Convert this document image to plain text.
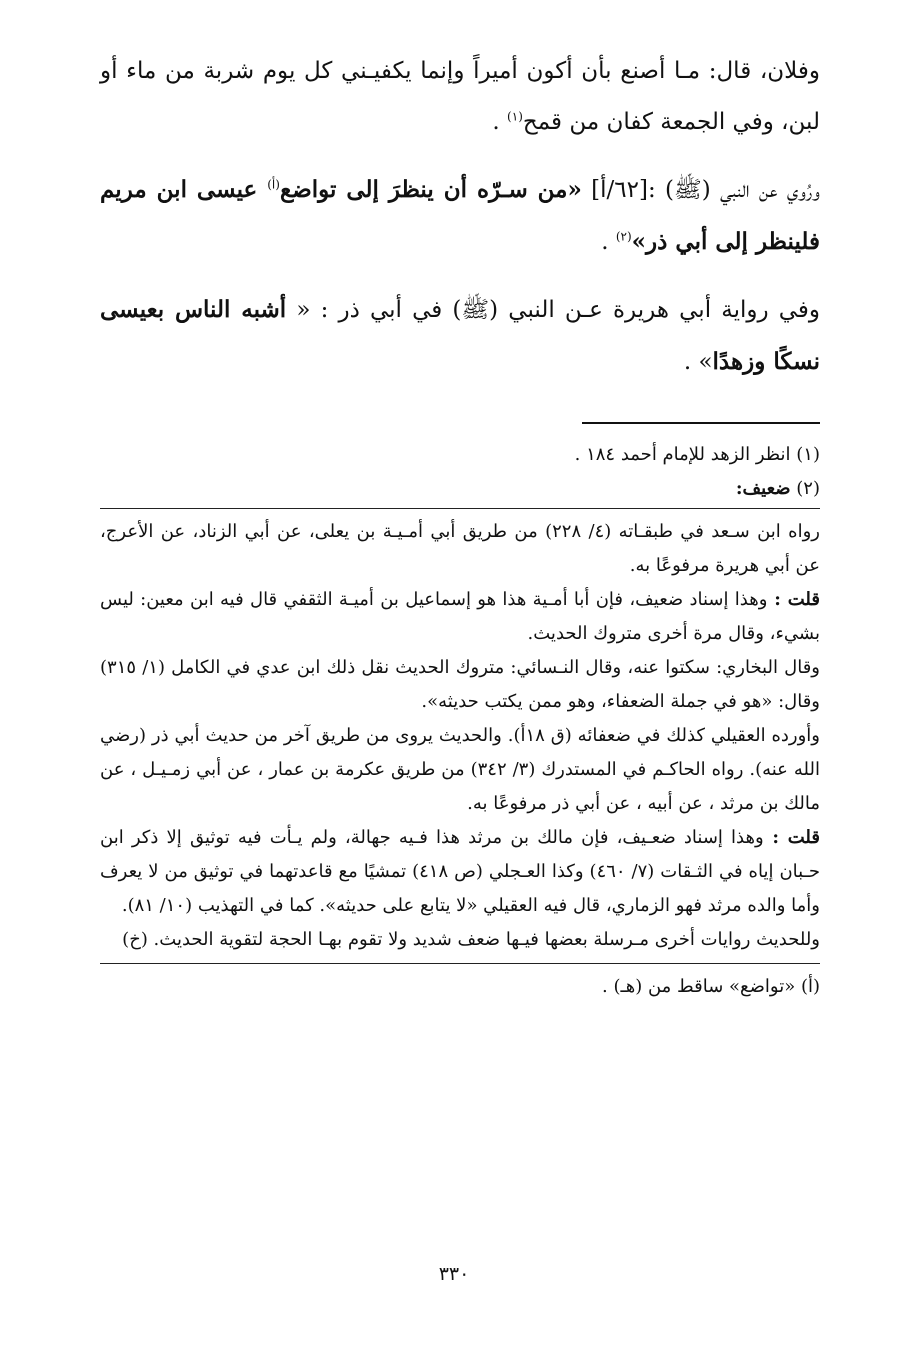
وفلان، قال: مـا أصنع بأن أكون أميراً وإنما يكفيـني كل يوم شربة من ماء أو لبن، وفي الجمعة كفان من قمح$^{(١)}$ .

ورُوي عن النبي (ﷺ) :[٦٢/أ] «من سـرّه أن ينظرَ إلى تواضع$^{(أ)}$ عيسى ابن مريم فلينظر إلى أبي ذر»$^{(٢)}$ .

وفي رواية أبي هريرة عـن النبي (ﷺ) في أبي ذر : « أشبه الناس بعيسى نسكًا وزهدًا» .

(١) انظر الزهد للإمام أحمد ١٨٤ .

(٢) ضعيف:

رواه ابن سـعد في طبقـاته (٤/ ٢٢٨) من طريق أبي أمـيـة بن يعلى، عن أبي الزناد، عن الأعرج، عن أبي هريرة مرفوعًا به.

قلت : وهذا إسناد ضعيف، فإن أبا أمـية هذا هو إسماعيل بن أميـة الثقفي قال فيه ابن معين: ليس بشيء، وقال مرة أخرى متروك الحديث.

وقال البخاري: سكتوا عنه، وقال النـسائي: متروك الحديث نقل ذلك ابن عدي في الكامل (١/ ٣١٥) وقال: «هو في جملة الضعفاء، وهو ممن يكتب حديثه».

وأورده العقيلي كذلك في ضعفائه (ق ١٨أ). والحديث يروى من طريق آخر من حديث أبي ذر (رضي الله عنه). رواه الحاكـم في المستدرك (٣/ ٣٤٢) من طريق عكرمة بن عمار ، عن أبي زمـيـل ، عن مالك بن مرثد ، عن أبيه ، عن أبي ذر مرفوعًا به.

قلت : وهذا إسناد ضعـيف، فإن مالك بن مرثد هذا فـيه جهالة، ولم يـأت فيه توثيق إلا ذكر ابن حـبان إياه في الثـقات (٧/ ٤٦٠) وكذا العـجلي (ص ٤١٨) تمشيًا مع قاعدتهما في توثيق من لا يعرف وأما والده مرثد فهو الزماري، قال فيه العقيلي «لا يتابع على حديثه». كما في التهذيب (١٠/ ٨١).

وللحديث روايات أخرى مـرسلة بعضها فيـها ضعف شديد ولا تقوم بهـا الحجة لتقوية الحديث. (خ)

(أ) «تواضع» ساقط من (هـ) .

٣٣٠
